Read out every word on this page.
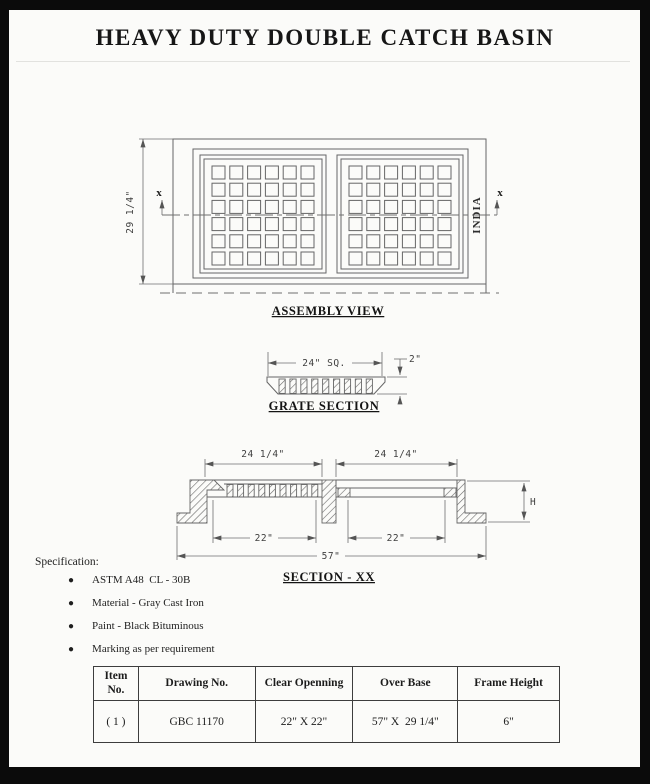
HEAVY DUTY DOUBLE CATCH BASIN
x	x
INDIA
29 1/4"
ASSEMBLY VIEW
24" SQ.	2"
GRATE SECTION
24 1/4"	24 1/4"
22"	22"
57"
H
SECTION - XX
Specification:
● ASTM A48  CL - 30B
● Material - Gray Cast Iron
● Paint - Black Bituminous
● Marking as per requirement
Item No.	Drawing No.	Clear Openning	Over Base	Frame Height
( 1 )	GBC 11170	22" X 22"	57" X  29 1/4"	6"
